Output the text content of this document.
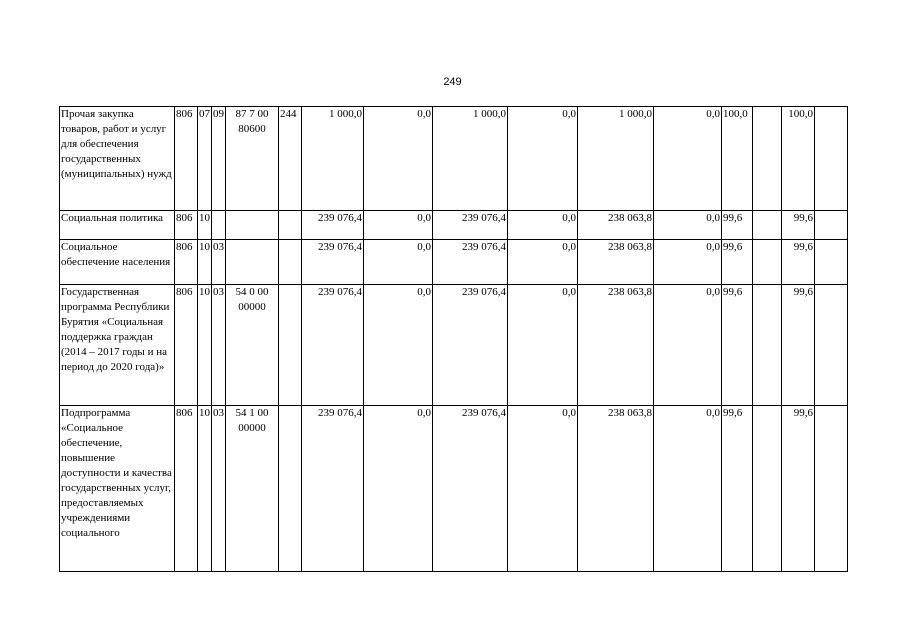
249
Прочая закупка товаров, работ и услуг для обеспечения государственных (муниципальных) нужд	806	07	09	87 7 00 80600	244	1 000,0	0,0	1 000,0	0,0	1 000,0	0,0	100,0		100,0	
Социальная политика	806	10				239 076,4	0,0	239 076,4	0,0	238 063,8	0,0	99,6		99,6	
Социальное обеспечение населения	806	10	03			239 076,4	0,0	239 076,4	0,0	238 063,8	0,0	99,6		99,6	
Государственная программа Республики Бурятия «Социальная поддержка граждан (2014 – 2017 годы и на период до 2020 года)»	806	10	03	54 0 00 00000		239 076,4	0,0	239 076,4	0,0	238 063,8	0,0	99,6		99,6	
Подпрограмма «Социальное обеспечение, повышение доступности и качества государственных услуг, предоставляемых учреждениями социального	806	10	03	54 1 00 00000		239 076,4	0,0	239 076,4	0,0	238 063,8	0,0	99,6		99,6	
